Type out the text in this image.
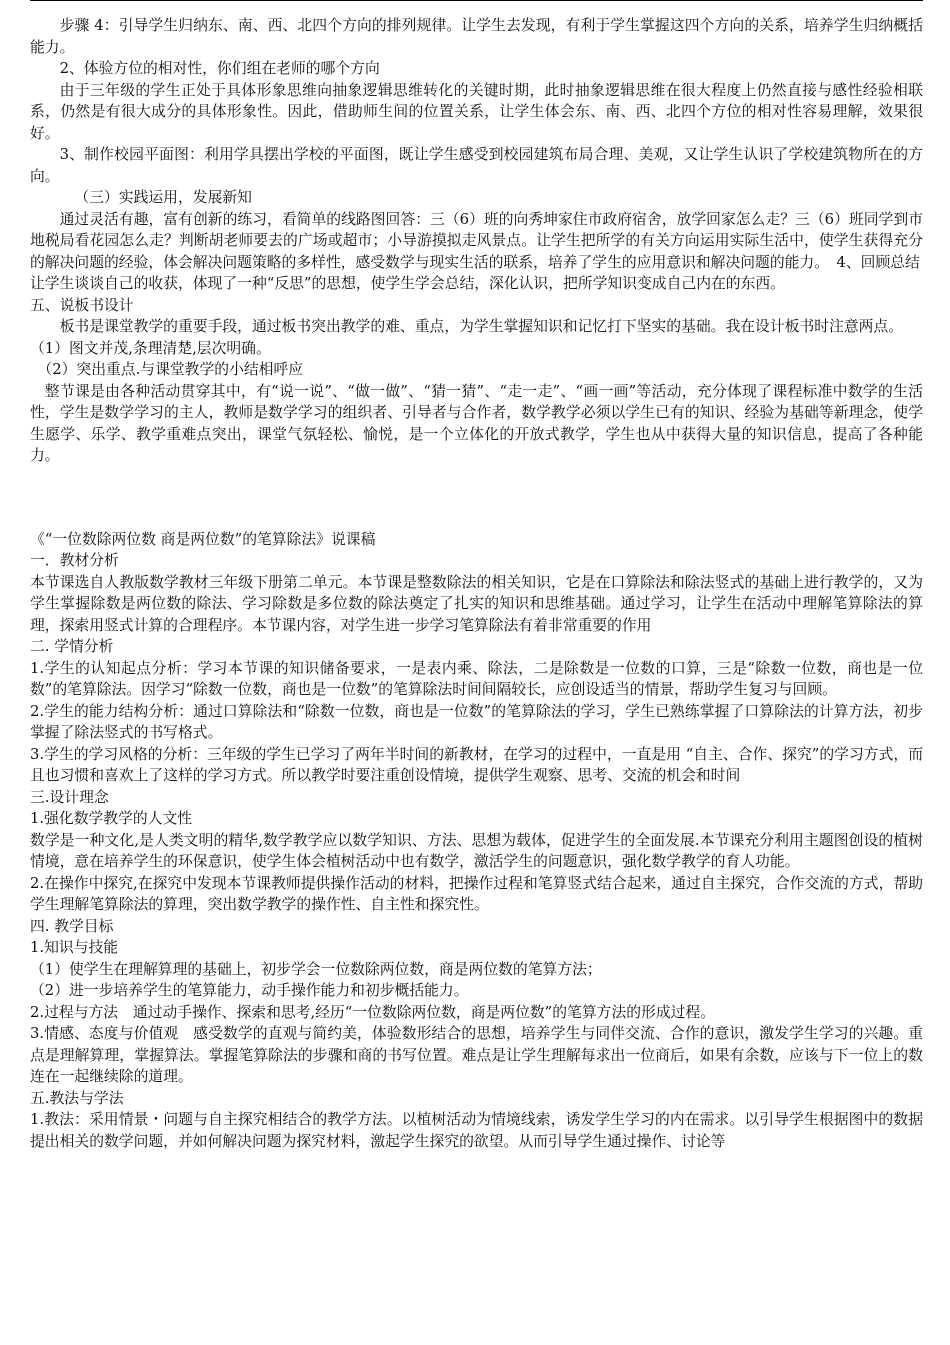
步骤 4：引导学生归纳东、南、西、北四个方向的排列规律。让学生去发现，有利于学生掌握这四个方向的关系，培养学生归纳概括能力。

2、体验方位的相对性，你们组在老师的哪个方向

由于三年级的学生正处于具体形象思维向抽象逻辑思维转化的关键时期，此时抽象逻辑思维在很大程度上仍然直接与感性经验相联系，仍然是有很大成分的具体形象性。因此，借助师生间的位置关系，让学生体会东、南、西、北四个方位的相对性容易理解，效果很好。

3、制作校园平面图：利用学具摆出学校的平面图，既让学生感受到校园建筑布局合理、美观，又让学生认识了学校建筑物所在的方向。

（三）实践运用，发展新知

通过灵活有趣，富有创新的练习，看简单的线路图回答：三（6）班的向秀坤家住市政府宿舍，放学回家怎么走？三（6）班同学到市地税局看花园怎么走？判断胡老师要去的广场或超市；小导游摸拟走风景点。让学生把所学的有关方向运用实际生活中，使学生获得充分的解决问题的经验，体会解决问题策略的多样性，感受数学与现实生活的联系，培养了学生的应用意识和解决问题的能力。　4、回顾总结

让学生谈谈自己的收获，体现了一种“反思”的思想，使学生学会总结，深化认识，把所学知识变成自己内在的东西。

五、说板书设计

板书是课堂教学的重要手段，通过板书突出教学的难、重点，为学生掌握知识和记忆打下坚实的基础。我在设计板书时注意两点。

（1）图文并茂,条理清楚,层次明确。

（2）突出重点.与课堂教学的小结相呼应

整节课是由各种活动贯穿其中，有“说一说”、“做一做”、“猜一猜”、“走一走”、“画一画”等活动，充分体现了课程标准中数学的生活性，学生是数学学习的主人，教师是数学学习的组织者、引导者与合作者，数学教学必须以学生已有的知识、经验为基础等新理念，使学生愿学、乐学、教学重难点突出，课堂气氛轻松、愉悦，是一个立体化的开放式教学，学生也从中获得大量的知识信息，提高了各种能力。

《“一位数除两位数 商是两位数”的笔算除法》说课稿

一．教材分析

本节课选自人教版数学教材三年级下册第二单元。本节课是整数除法的相关知识，它是在口算除法和除法竖式的基础上进行教学的，又为学生掌握除数是两位数的除法、学习除数是多位数的除法奠定了扎实的知识和思维基础。通过学习，让学生在活动中理解笔算除法的算理，探索用竖式计算的合理程序。本节课内容，对学生进一步学习笔算除法有着非常重要的作用

二. 学情分析

1.学生的认知起点分析：学习本节课的知识储备要求，一是表内乘、除法，二是除数是一位数的口算，三是“除数一位数，商也是一位数”的笔算除法。因学习“除数一位数，商也是一位数”的笔算除法时间间隔较长，应创设适当的情景，帮助学生复习与回顾。

2.学生的能力结构分析：通过口算除法和“除数一位数，商也是一位数”的笔算除法的学习，学生已熟练掌握了口算除法的计算方法，初步掌握了除法竖式的书写格式。

3.学生的学习风格的分析：三年级的学生已学习了两年半时间的新教材，在学习的过程中，一直是用 “自主、合作、探究”的学习方式，而且也习惯和喜欢上了这样的学习方式。所以教学时要注重创设情境，提供学生观察、思考、交流的机会和时间

三.设计理念

1.强化数学教学的人文性

数学是一种文化,是人类文明的精华,数学教学应以数学知识、方法、思想为载体，促进学生的全面发展.本节课充分利用主题图创设的植树情境，意在培养学生的环保意识，使学生体会植树活动中也有数学，激活学生的问题意识，强化数学教学的育人功能。

2.在操作中探究,在探究中发现本节课教师提供操作活动的材料，把操作过程和笔算竖式结合起来，通过自主探究，合作交流的方式，帮助学生理解笔算除法的算理，突出数学教学的操作性、自主性和探究性。

四. 教学目标

1.知识与技能

（1）使学生在理解算理的基础上，初步学会一位数除两位数，商是两位数的笔算方法；

（2）进一步培养学生的笔算能力，动手操作能力和初步概括能力。

2.过程与方法　通过动手操作、探索和思考,经历“一位数除两位数，商是两位数”的笔算方法的形成过程。

3.情感、态度与价值观　感受数学的直观与简约美，体验数形结合的思想，培养学生与同伴交流、合作的意识，激发学生学习的兴趣。重点是理解算理，掌握算法。掌握笔算除法的步骤和商的书写位置。难点是让学生理解每求出一位商后，如果有余数，应该与下一位上的数连在一起继续除的道理。

五.教法与学法

1.教法：采用情景・问题与自主探究相结合的教学方法。以植树活动为情境线索，诱发学生学习的内在需求。以引导学生根据图中的数据提出相关的数学问题，并如何解决问题为探究材料，激起学生探究的欲望。从而引导学生通过操作、讨论等
